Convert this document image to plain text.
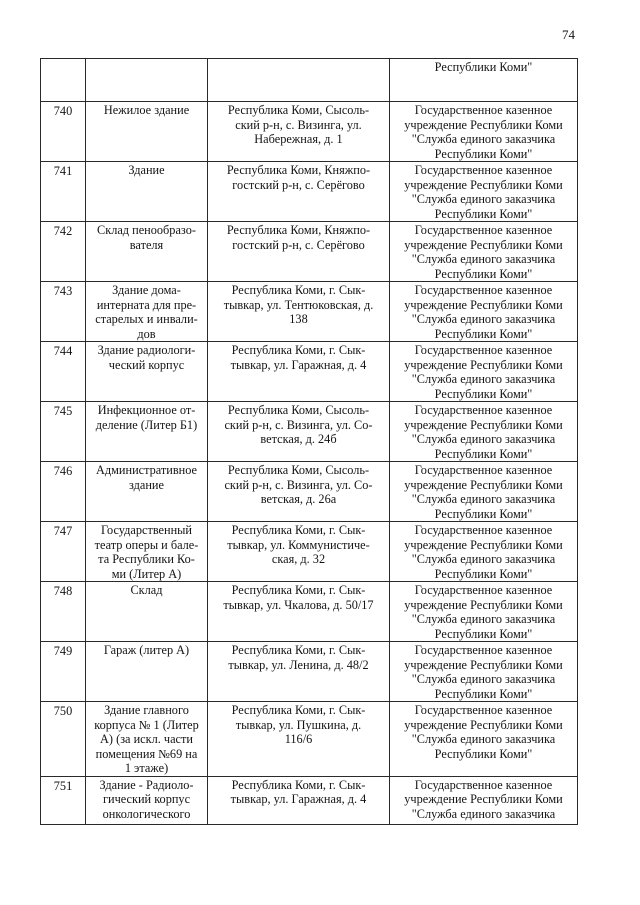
74
			Республики Коми"
740	Нежилое здание	Республика Коми, Сысоль-
ский р-н, с. Визинга, ул.
Набережная, д. 1	Государственное казенное
учреждение Республики Коми
"Служба единого заказчика
Республики Коми"
741	Здание	Республика Коми, Княжпо-
гостский р-н, с. Серёгово	Государственное казенное
учреждение Республики Коми
"Служба единого заказчика
Республики Коми"
742	Склад пенообразо-
вателя	Республика Коми, Княжпо-
гостский р-н, с. Серёгово	Государственное казенное
учреждение Республики Коми
"Служба единого заказчика
Республики Коми"
743	Здание дома-
интерната для пре-
старелых и инвали-
дов	Республика Коми, г. Сык-
тывкар, ул. Тентюковская, д.
138	Государственное казенное
учреждение Республики Коми
"Служба единого заказчика
Республики Коми"
744	Здание радиологи-
ческий корпус	Республика Коми, г. Сык-
тывкар, ул. Гаражная, д. 4	Государственное казенное
учреждение Республики Коми
"Служба единого заказчика
Республики Коми"
745	Инфекционное от-
деление (Литер Б1)	Республика Коми, Сысоль-
ский р-н, с. Визинга, ул. Со-
ветская, д. 24б	Государственное казенное
учреждение Республики Коми
"Служба единого заказчика
Республики Коми"
746	Административное
здание	Республика Коми, Сысоль-
ский р-н, с. Визинга, ул. Со-
ветская, д. 26а	Государственное казенное
учреждение Республики Коми
"Служба единого заказчика
Республики Коми"
747	Государственный
театр оперы и бале-
та Республики Ко-
ми (Литер А)	Республика Коми, г. Сык-
тывкар, ул. Коммунистиче-
ская, д. 32	Государственное казенное
учреждение Республики Коми
"Служба единого заказчика
Республики Коми"
748	Склад	Республика Коми, г. Сык-
тывкар, ул. Чкалова, д. 50/17	Государственное казенное
учреждение Республики Коми
"Служба единого заказчика
Республики Коми"
749	Гараж (литер А)	Республика Коми, г. Сык-
тывкар, ул. Ленина, д. 48/2	Государственное казенное
учреждение Республики Коми
"Служба единого заказчика
Республики Коми"
750	Здание главного
корпуса № 1 (Литер
А) (за искл. части
помещения №69 на
1 этаже)	Республика Коми, г. Сык-
тывкар, ул. Пушкина, д.
116/6	Государственное казенное
учреждение Республики Коми
"Служба единого заказчика
Республики Коми"
751	Здание - Радиоло-
гический корпус
онкологического	Республика Коми, г. Сык-
тывкар, ул. Гаражная, д. 4	Государственное казенное
учреждение Республики Коми
"Служба единого заказчика
